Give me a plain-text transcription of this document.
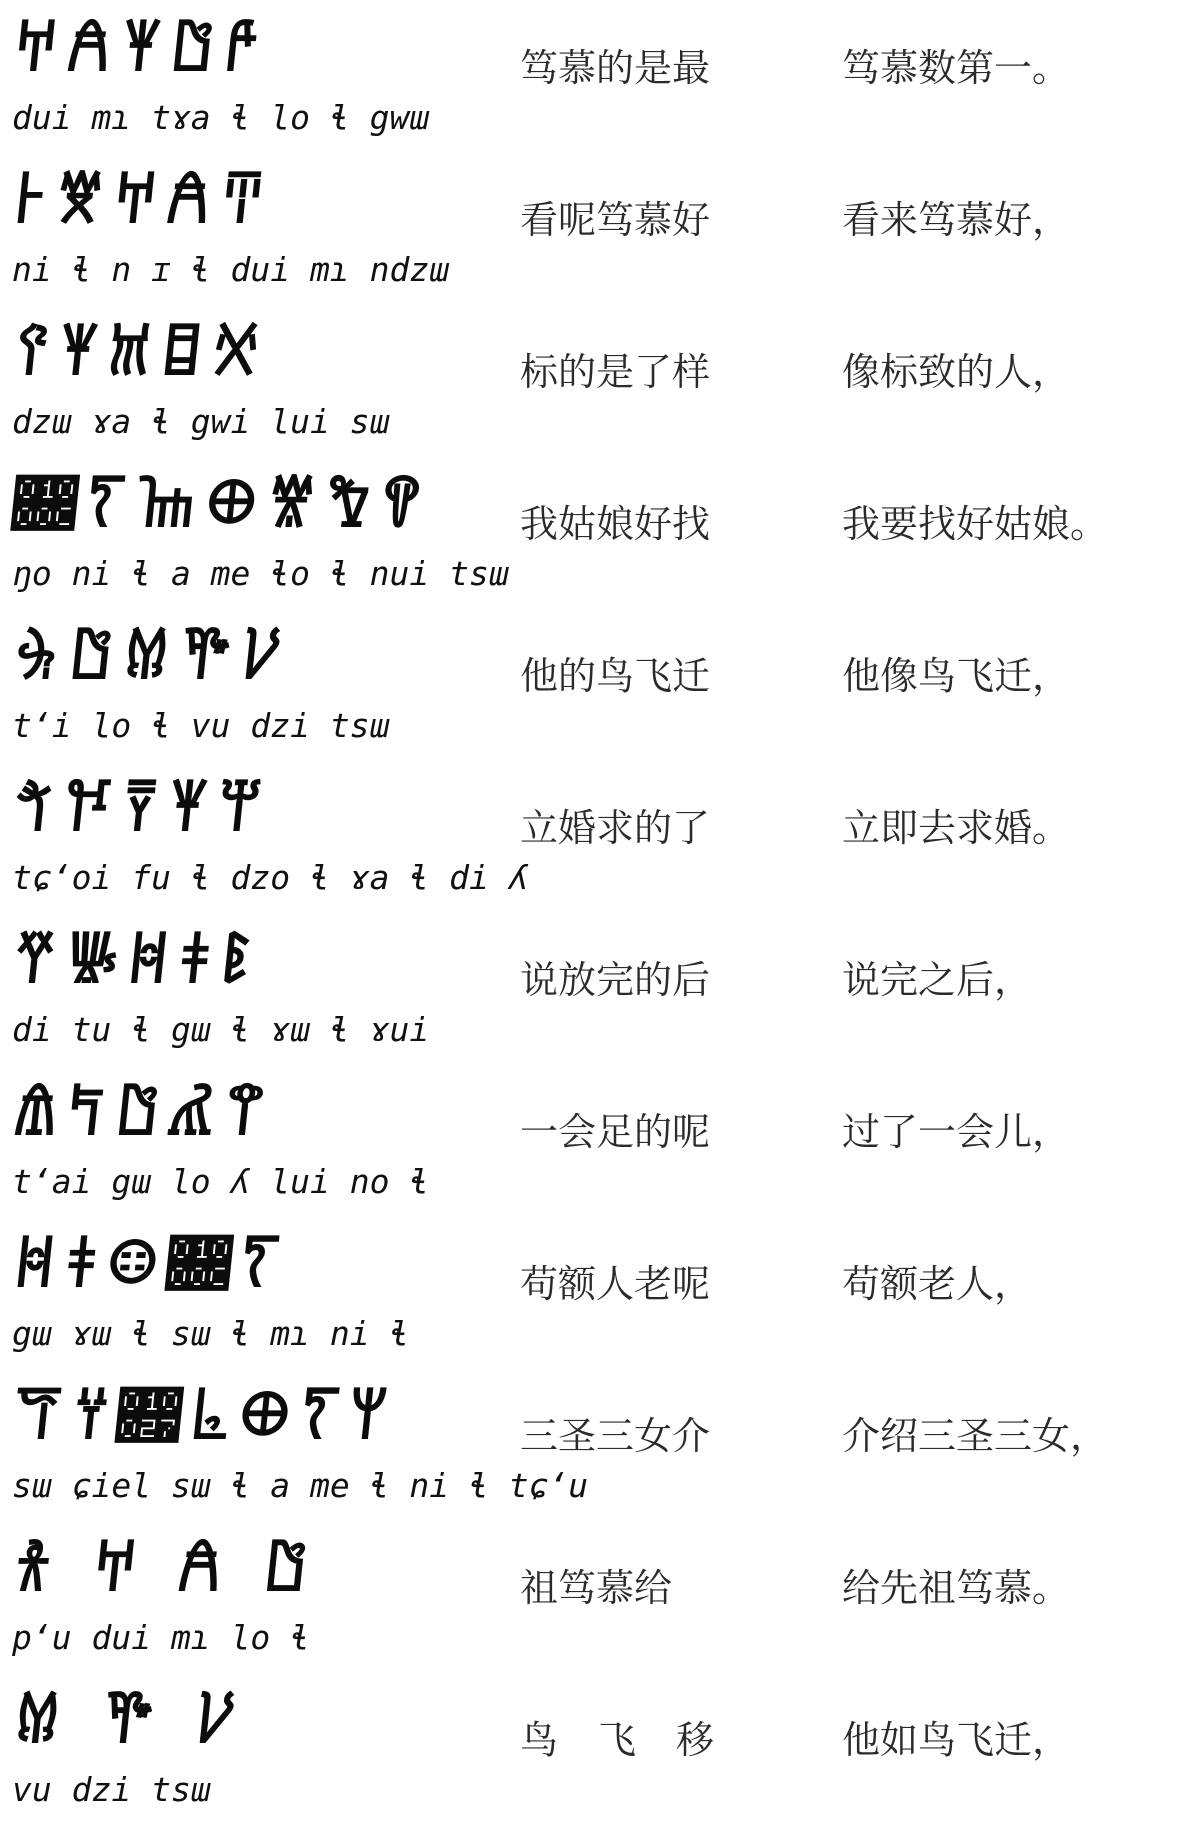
𐀀𐀁𐀂𐀃𐀄
dui mɿ tɤa ɬ lo ɬ gwɯ
笃慕的是最	笃慕数第一。
𐀅𐀆𐀀𐀁𐀇
ni ɬ n ɪ ɬ dui mɿ ndzɯ
看呢笃慕好	看来笃慕好，
𐀈𐀂𐀉𐀊𐀋
dzɯ ɤa ɬ gwi lui sɯ
标的是了样	像标致的人，
𐀌𐀍𐀎𐀏𐀐𐀑𐀒
ŋo ni ɬ a me ɬo ɬ nui tsɯ
我姑娘好找	我要找好姑娘。
𐀓𐀃𐀔𐀕𐀖
tʻi lo ɬ vu dzi tsɯ
他的鸟飞迁	他像鸟飞迁，
𐀗𐀘𐀙𐀂𐀚
tɕʻoi fu ɬ dzo ɬ ɤa ɬ di ʎ
立婚求的了	立即去求婚。
𐀛𐀜𐀝𐀞𐀟
di tu ɬ gɯ ɬ ɤɯ ɬ ɤui
说放完的后	说完之后，
𐀠𐀡𐀃𐀢𐀣
tʻai gɯ lo ʎ lui no ɬ
一会足的呢	过了一会儿，
𐀝𐀞𐀤𐀌𐀍
gɯ ɤɯ ɬ sɯ ɬ mɿ ni ɬ
苟额人老呢	苟额老人，
𐀥𐀦𐀧𐀨𐀏𐀍𐀩
sɯ ɕiel sɯ ɬ a me ɬ ni ɬ tɕʻu
三圣三女介	介绍三圣三女，
𐀪 𐀀 𐀁 𐀃
pʻu dui mɿ lo ɬ
祖笃慕给	给先祖笃慕。
𐀔 𐀕 𐀖
vu dzi tsɯ
鸟飞移	他如鸟飞迁，
